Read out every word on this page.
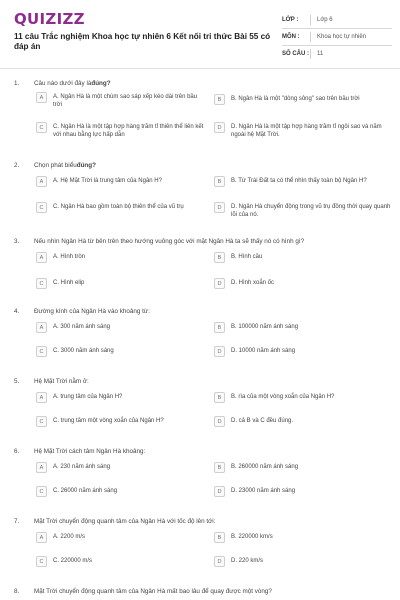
QUIZIZZ
11 câu Trắc nghiệm Khoa học tự nhiên 6 Kết nối tri thức Bài 55 có đáp án
LỚP :	Lớp 6
MÔN :	Khoa học tự nhiên
SỐ CÂU : 11
1. Câu nào dưới đây làđúng?
A	A. Ngân Hà là một chùm sao sáp xếp kéo dài trên bầu trời
B	B. Ngân Hà là một "dòng sông" sao trên bầu trời
C	C. Ngân Hà là một tập hợp hàng trăm tỉ thiên thể liên kết với nhau bằng lực hấp dẫn
D	D. Ngân Hà là một tập hợp hàng trăm tỉ ngôi sao và năm ngoài hệ Mặt Trời.
2. Chọn phát biểuđúng?
A	A. Hệ Mặt Trời là trung tâm của Ngân H?	B	B. Từ Trái Đất ta có thể nhìn thấy toàn bộ Ngân H?
C	C. Ngân Hà bao gồm toàn bộ thiên thể của vũ trụ	D	D. Ngân Hà chuyển động trong vũ trụ đồng thời quay quanh lõi của nó.
3. Nếu nhìn Ngân Hà từ bên trên theo hướng vuông góc với mặt Ngân Hà ta sẽ thấy nó có hình gì?
A	A. Hình tròn	B	B. Hình cầu
C	C. Hình elip	D	D. Hình xoắn ốc
4. Đường kính của Ngân Hà vào khoảng từ:
A	A. 300 năm ánh sáng	B	B. 100000 năm ánh sáng
C	C. 3000 năm ánh sáng	D	D. 10000 năm ánh sáng
5. Hệ Mặt Trời nằm ở:
A	A. trung tâm của Ngân H?	B	B. rìa của một vòng xoắn của Ngân H?
C	C. trung tâm một vòng xoắn của Ngân H?	D	D. cả B và C đều đúng.
6. Hệ Mặt Trời cách tâm Ngân Hà khoảng:
A	A. 230 năm ánh sáng	B	B. 260000 năm ánh sáng
C	C. 26000 năm ánh sáng	D	D. 23000 năm ánh sáng
7. Mặt Trời chuyển động quanh tâm của Ngân Hà với tốc độ lên tới:
A	A. 2200 m/s	B	B. 220000 km/s
C	C. 220000 m/s	D	D. 220 km/s
8. Mặt Trời chuyển động quanh tâm của Ngân Hà mất bao lâu để quay được một vòng?
